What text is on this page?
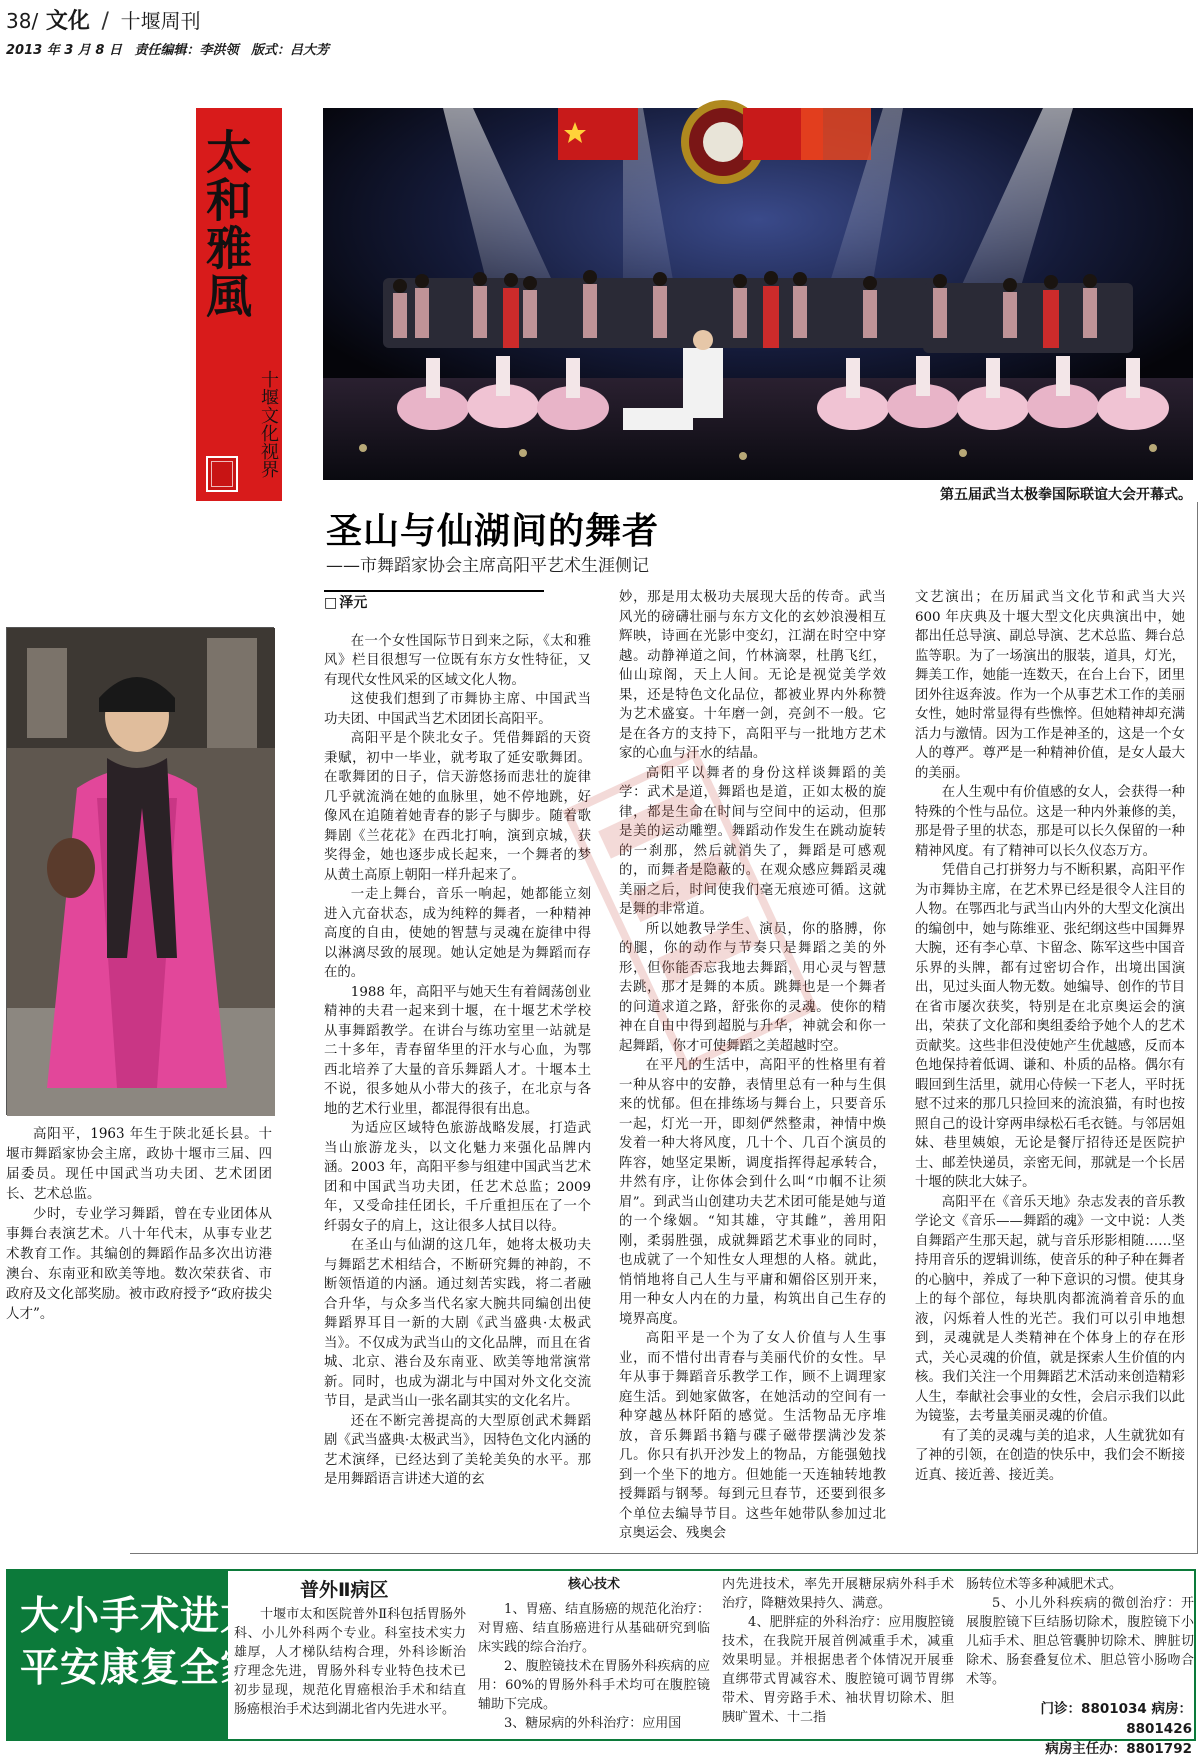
38/ 文化 / 十堰周刊
2013 年 3 月 8 日 责任编辑：李洪领 版式：吕大芳
太和雅風
十堰文化视界
第五届武当太极拳国际联谊大会开幕式。
圣山与仙湖间的舞者
——市舞蹈家协会主席高阳平艺术生涯侧记

高阳平，1963 年生于陕北延长县。十堰市舞蹈家协会主席，政协十堰市三届、四届委员。现任中国武当功夫团、艺术团团长、艺术总监。

少时，专业学习舞蹈，曾在专业团体从事舞台表演艺术。八十年代末，从事专业艺术教育工作。其编创的舞蹈作品多次出访港澳台、东南亚和欧美等地。数次荣获省、市政府及文化部奖励。被市政府授予“政府拔尖人才”。

□ 泽元

在一个女性国际节日到来之际，《太和雅风》栏目很想写一位既有东方女性特征，又有现代女性风采的区域文化人物。

这使我们想到了市舞协主席、中国武当功夫团、中国武当艺术团团长高阳平。

高阳平是个陕北女子。凭借舞蹈的天资秉赋，初中一毕业，就考取了延安歌舞团。在歌舞团的日子，信天游悠扬而悲壮的旋律几乎就流淌在她的血脉里，她不停地跳，好像风在追随着她青春的影子与脚步。随着歌舞剧《兰花花》在西北打响，演到京城，获奖得金，她也逐步成长起来，一个舞者的梦从黄土高原上朝阳一样升起来了。

一走上舞台，音乐一响起，她都能立刻进入亢奋状态，成为纯粹的舞者，一种精神高度的自由，使她的智慧与灵魂在旋律中得以淋漓尽致的展现。她认定她是为舞蹈而存在的。

1988 年，高阳平与她天生有着阔荡创业精神的夫君一起来到十堰，在十堰艺术学校从事舞蹈教学。在讲台与练功室里一站就是二十多年，青春留华里的汗水与心血，为鄂西北培养了大量的音乐舞蹈人才。十堰本土不说，很多她从小带大的孩子，在北京与各地的艺术行业里，都混得很有出息。

为适应区域特色旅游战略发展，打造武当山旅游龙头，以文化魅力来强化品牌内涵。2003 年，高阳平参与组建中国武当艺术团和中国武当功夫团，任艺术总监；2009 年，又受命挂任团长，千斤重担压在了一个纤弱女子的肩上，这让很多人拭目以待。

在圣山与仙湖的这几年，她将太极功夫与舞蹈艺术相结合，不断研究舞的神韵，不断领悟道的内涵。通过刻苦实践，将二者融合升华，与众多当代名家大腕共同编创出使舞蹈界耳目一新的大剧《武当盛典·太极武当》。不仅成为武当山的文化品牌，而且在省城、北京、港台及东南亚、欧美等地常演常新。同时，也成为湖北与中国对外文化交流节目，是武当山一张名副其实的文化名片。

还在不断完善提高的大型原创武术舞蹈剧《武当盛典·太极武当》，因特色文化内涵的艺术演绎，已经达到了美轮美奂的水平。那是用舞蹈语言讲述大道的玄

妙，那是用太极功夫展现大岳的传奇。武当风光的磅礴壮丽与东方文化的玄妙浪漫相互辉映，诗画在光影中变幻，江湖在时空中穿越。动静禅道之间，竹林滴翠，杜鹃飞红，仙山琼阁，天上人间。无论是视觉美学效果，还是特色文化品位，都被业界内外称赞为艺术盛宴。十年磨一剑，亮剑不一般。它是在各方的支持下，高阳平与一批地方艺术家的心血与汗水的结晶。

高阳平以舞者的身份这样谈舞蹈的美学：武术是道，舞蹈也是道，正如太极的旋律，都是生命在时间与空间中的运动，但那是美的运动雕塑。舞蹈动作发生在跳动旋转的一刹那，然后就消失了，舞蹈是可感观的，而舞者是隐蔽的。在观众感应舞蹈灵魂美丽之后，时间使我们毫无痕迹可循。这就是舞的非常道。

所以她教导学生、演员，你的胳膊，你的腿，你的动作与节奏只是舞蹈之美的外形，但你能否忘我地去舞蹈，用心灵与智慧去跳，那才是舞的本质。跳舞也是一个舞者的问道求道之路，舒张你的灵魂。使你的精神在自由中得到超脱与升华，神就会和你一起舞蹈，你才可使舞蹈之美超越时空。

在平凡的生活中，高阳平的性格里有着一种从容中的安静，表情里总有一种与生俱来的忧郁。但在排练场与舞台上，只要音乐一起，灯光一开，即刻俨然整肃，神情中焕发着一种大将风度，几十个、几百个演员的阵容，她坚定果断，调度指挥得起承转合，井然有序，让你体会到什么叫“巾帼不让须眉”。到武当山创建功夫艺术团可能是她与道的一个缘姻。“知其雄，守其雌”，善用阳刚，柔弱胜强，成就舞蹈艺术事业的同时，也成就了一个知性女人理想的人格。就此，悄悄地将自己人生与平庸和媚俗区别开来，用一种女人内在的力量，构筑出自己生存的境界高度。

高阳平是一个为了女人价值与人生事业，而不惜付出青春与美丽代价的女性。早年从事于舞蹈音乐教学工作，顾不上调理家庭生活。到她家做客，在她活动的空间有一种穿越丛林阡陌的感觉。生活物品无序堆放，音乐舞蹈书籍与碟子磁带摆满沙发茶几。你只有扒开沙发上的物品，方能强勉找到一个坐下的地方。但她能一天连轴转地教授舞蹈与钢琴。每到元旦春节，还要到很多个单位去编导节目。这些年她带队参加过北京奥运会、残奥会

文艺演出；在历届武当文化节和武当大兴 600 年庆典及十堰大型文化庆典演出中，她都出任总导演、副总导演、艺术总监、舞台总监等职。为了一场演出的服装，道具，灯光，舞美工作，她能一连数天，在台上台下，团里团外往返奔波。作为一个从事艺术工作的美丽女性，她时常显得有些憔悴。但她精神却充满活力与激情。因为工作是神圣的，这是一个女人的尊严。尊严是一种精神价值，是女人最大的美丽。

在人生观中有价值感的女人，会获得一种特殊的个性与品位。这是一种内外兼修的美，那是骨子里的状态，那是可以长久保留的一种精神风度。有了精神可以长久仪态万方。

凭借自己打拼努力与不断积累，高阳平作为市舞协主席，在艺术界已经是很令人注目的人物。在鄂西北与武当山内外的大型文化演出的编创中，她与陈维亚、张纪纲这些中国舞界大腕，还有李心草、卞留念、陈军这些中国音乐界的头牌，都有过密切合作，出境出国演出，见过头面人物无数。她编导、创作的节目在省市屡次获奖，特别是在北京奥运会的演出，荣获了文化部和奥组委给予她个人的艺术贡献奖。这些非但没使她产生优越感，反而本色地保持着低调、谦和、朴质的品格。偶尔有暇回到生活里，就用心侍候一下老人，平时抚慰不过来的那几只捡回来的流浪猫，有时也按照自己的设计穿两串绿松石毛衣链。与邻居姐妹、巷里姨娘，无论是餐厅招待还是医院护士、邮差快递员，亲密无间，那就是一个长居十堰的陕北大妹子。

高阳平在《音乐天地》杂志发表的音乐教学论文《音乐——舞蹈的魂》一文中说：人类自舞蹈产生那天起，就与音乐形影相随……坚持用音乐的逻辑训练，使音乐的种子种在舞者的心脑中，养成了一种下意识的习惯。使其身上的每个部位，每块肌肉都流淌着音乐的血液，闪烁着人性的光芒。我们可以引申地想到，灵魂就是人类精神在个体身上的存在形式，关心灵魂的价值，就是探索人生价值的内核。我们关注一个用舞蹈艺术活动来创造精彩人生，奉献社会事业的女性，会启示我们以此为镜鉴，去考量美丽灵魂的价值。

有了美的灵魂与美的追求，人生就犹如有了神的引领，在创造的快乐中，我们会不断接近真、接近善、接近美。

大小手术进太和
平安康复全家乐
普外Ⅱ病区
十堰市太和医院普外Ⅱ科包括胃肠外科、小儿外科两个专业。科室技术实力雄厚，人才梯队结构合理，外科诊断治疗理念先进，胃肠外科专业特色技术已初步显现，规范化胃癌根治手术和结直肠癌根治手术达到湖北省内先进水平。
核心技术

1、胃癌、结直肠癌的规范化治疗：对胃癌、结直肠癌进行从基础研究到临床实践的综合治疗。

2、腹腔镜技术在胃肠外科疾病的应用：60%的胃肠外科手术均可在腹腔镜辅助下完成。

3、糖尿病的外科治疗：应用国

内先进技术，率先开展糖尿病外科手术治疗，降糖效果持久、满意。

4、肥胖症的外科治疗：应用腹腔镜技术，在我院开展首例减重手术，减重效果明显。并根据患者个体情况开展垂直绑带式胃减容术、腹腔镜可调节胃绑带术、胃旁路手术、袖状胃切除术、胆胰旷置术、十二指

肠转位术等多种减肥术式。

5、小儿外科疾病的微创治疗：开展腹腔镜下巨结肠切除术，腹腔镜下小儿疝手术、胆总管囊肿切除术、脾脏切除术、肠套叠复位术、胆总管小肠吻合术等。

门诊：8801034 病房：8801426
病房主任办：8801792
